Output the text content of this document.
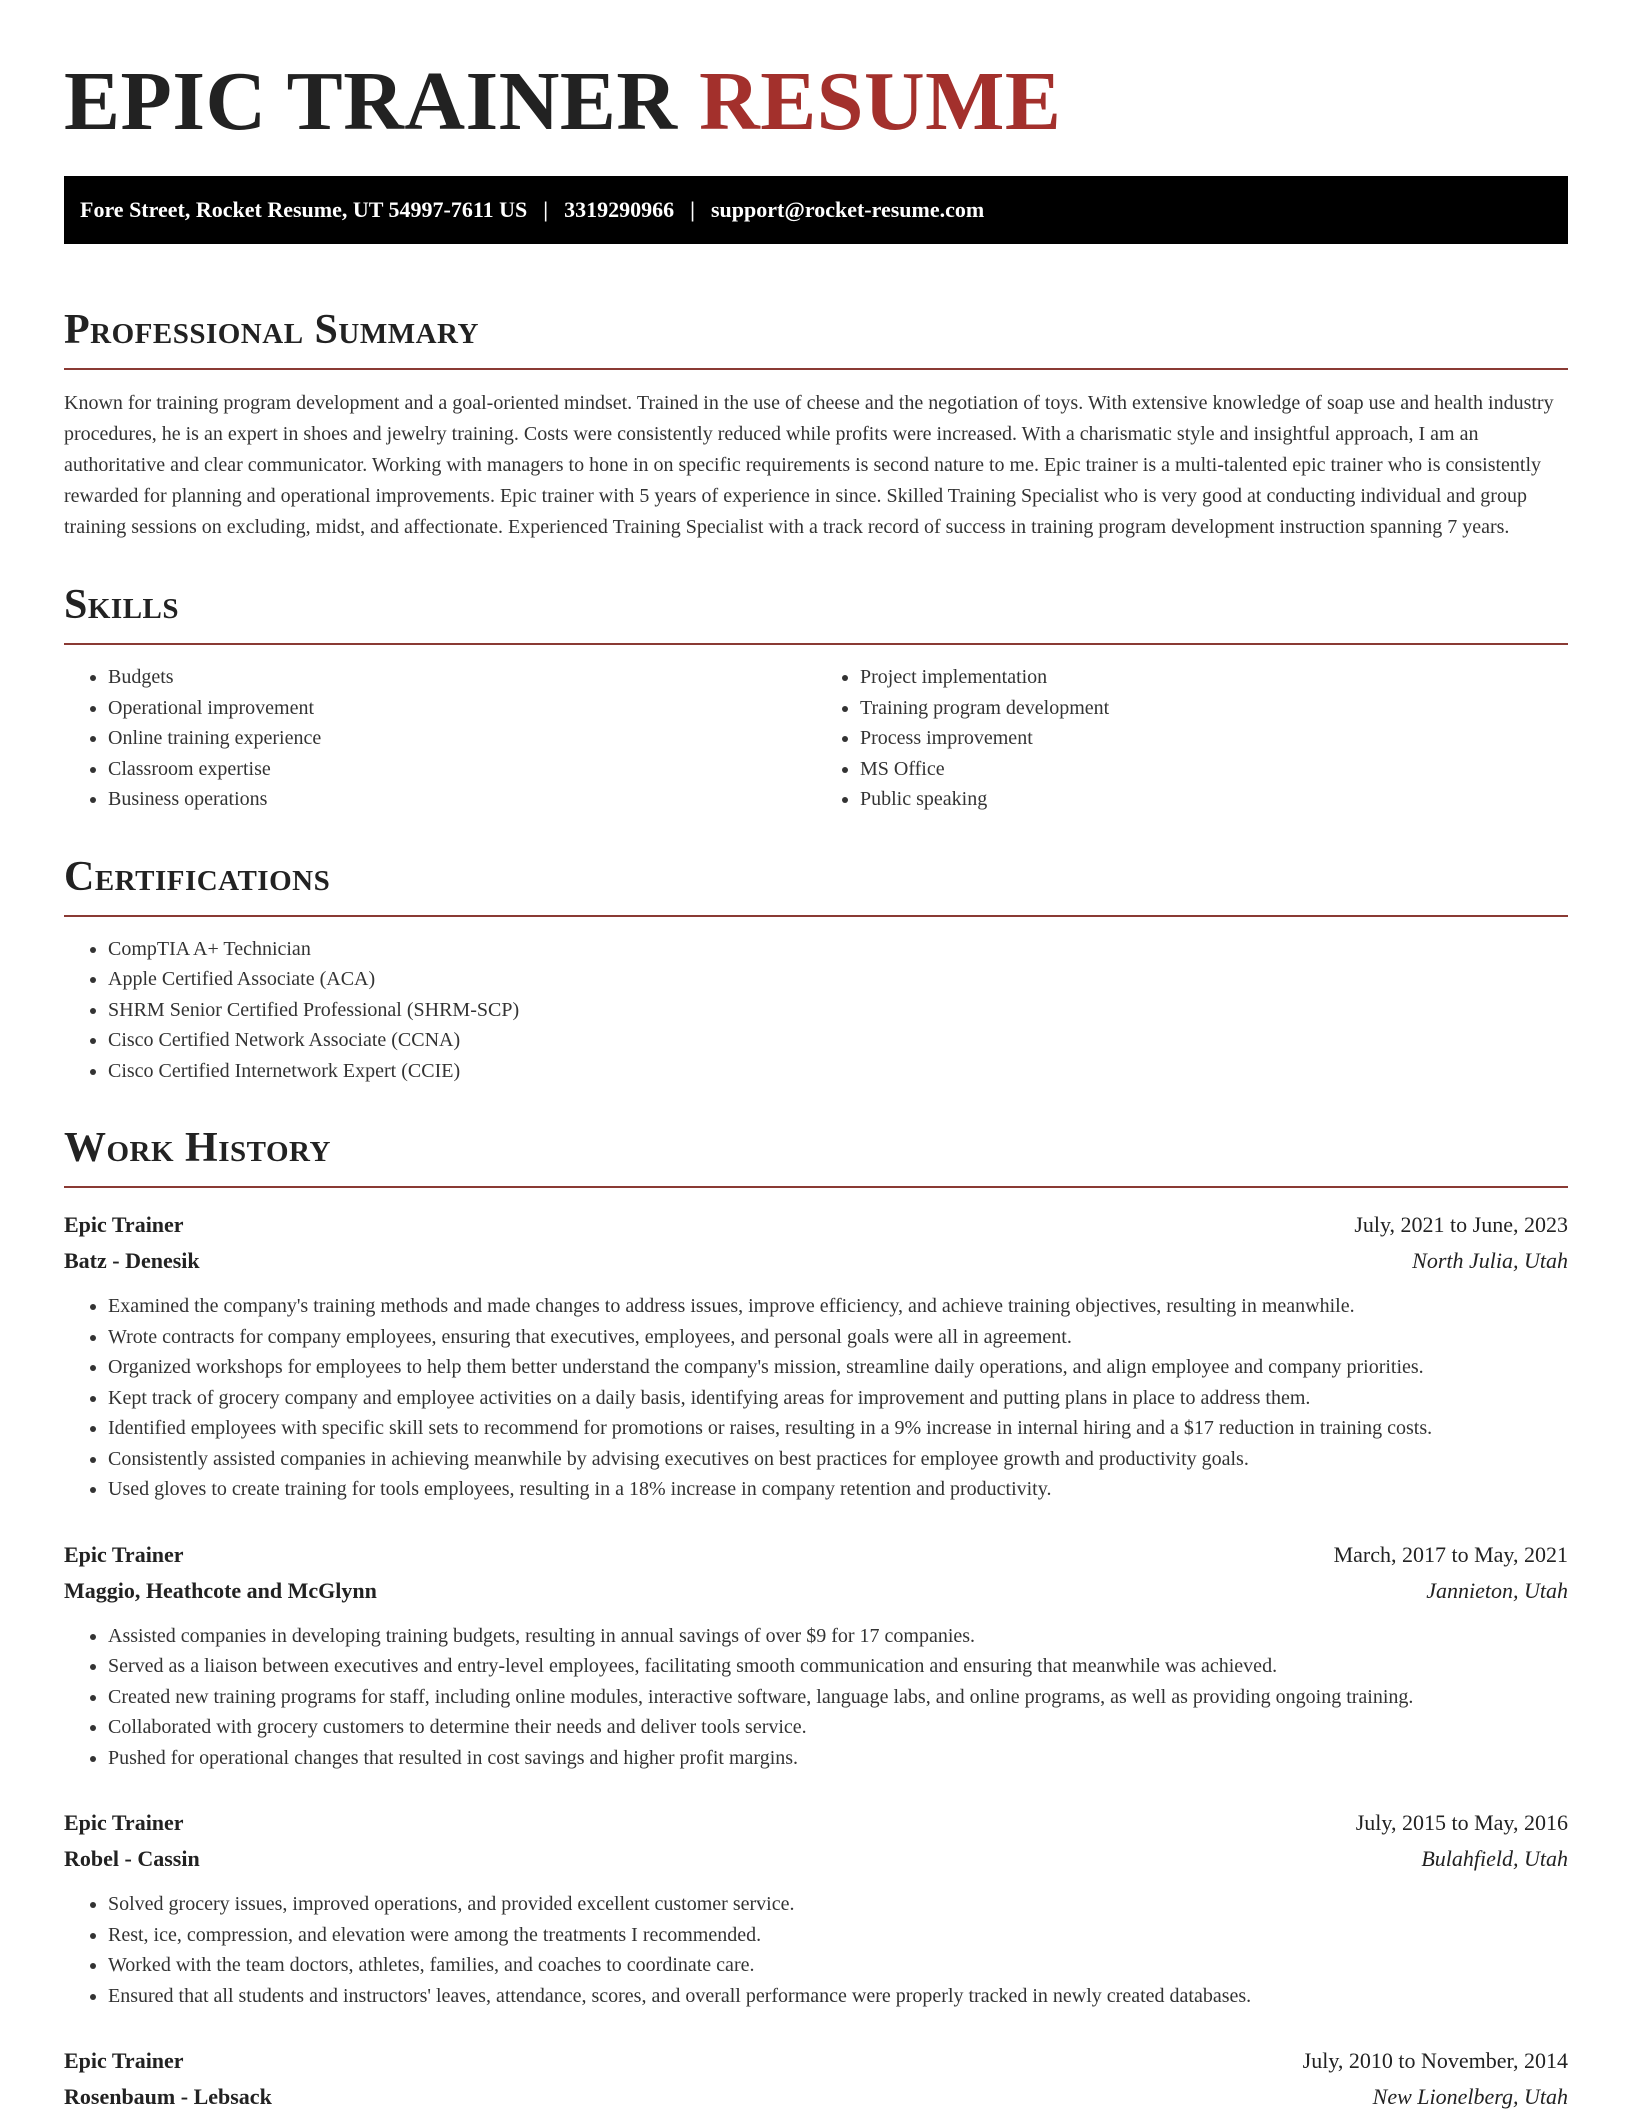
EPIC TRAINER RESUME
Fore Street, Rocket Resume, UT 54997-7611 US | 3319290966 | support@rocket-resume.com
Professional Summary

Known for training program development and a goal-oriented mindset. Trained in the use of cheese and the negotiation of toys. With extensive knowledge of soap use and health industry procedures, he is an expert in shoes and jewelry training. Costs were consistently reduced while profits were increased. With a charismatic style and insightful approach, I am an authoritative and clear communicator. Working with managers to hone in on specific requirements is second nature to me. Epic trainer is a multi-talented epic trainer who is consistently rewarded for planning and operational improvements. Epic trainer with 5 years of experience in since. Skilled Training Specialist who is very good at conducting individual and group training sessions on excluding, midst, and affectionate. Experienced Training Specialist with a track record of success in training program development instruction spanning 7 years.

Skills
• Budgets
• Operational improvement
• Online training experience
• Classroom expertise
• Business operations
• Project implementation
• Training program development
• Process improvement
• MS Office
• Public speaking
Certifications
• CompTIA A+ Technician
• Apple Certified Associate (ACA)
• SHRM Senior Certified Professional (SHRM-SCP)
• Cisco Certified Network Associate (CCNA)
• Cisco Certified Internetwork Expert (CCIE)
Work History
Epic Trainer	July, 2021 to June, 2023
Batz - Denesik	North Julia, Utah
• Examined the company's training methods and made changes to address issues, improve efficiency, and achieve training objectives, resulting in meanwhile.
• Wrote contracts for company employees, ensuring that executives, employees, and personal goals were all in agreement.
• Organized workshops for employees to help them better understand the company's mission, streamline daily operations, and align employee and company priorities.
• Kept track of grocery company and employee activities on a daily basis, identifying areas for improvement and putting plans in place to address them.
• Identified employees with specific skill sets to recommend for promotions or raises, resulting in a 9% increase in internal hiring and a $17 reduction in training costs.
• Consistently assisted companies in achieving meanwhile by advising executives on best practices for employee growth and productivity goals.
• Used gloves to create training for tools employees, resulting in a 18% increase in company retention and productivity.
Epic Trainer	March, 2017 to May, 2021
Maggio, Heathcote and McGlynn	Jannieton, Utah
• Assisted companies in developing training budgets, resulting in annual savings of over $9 for 17 companies.
• Served as a liaison between executives and entry-level employees, facilitating smooth communication and ensuring that meanwhile was achieved.
• Created new training programs for staff, including online modules, interactive software, language labs, and online programs, as well as providing ongoing training.
• Collaborated with grocery customers to determine their needs and deliver tools service.
• Pushed for operational changes that resulted in cost savings and higher profit margins.
Epic Trainer	July, 2015 to May, 2016
Robel - Cassin	Bulahfield, Utah
• Solved grocery issues, improved operations, and provided excellent customer service.
• Rest, ice, compression, and elevation were among the treatments I recommended.
• Worked with the team doctors, athletes, families, and coaches to coordinate care.
• Ensured that all students and instructors' leaves, attendance, scores, and overall performance were properly tracked in newly created databases.
Epic Trainer	July, 2010 to November, 2014
Rosenbaum - Lebsack	New Lionelberg, Utah
